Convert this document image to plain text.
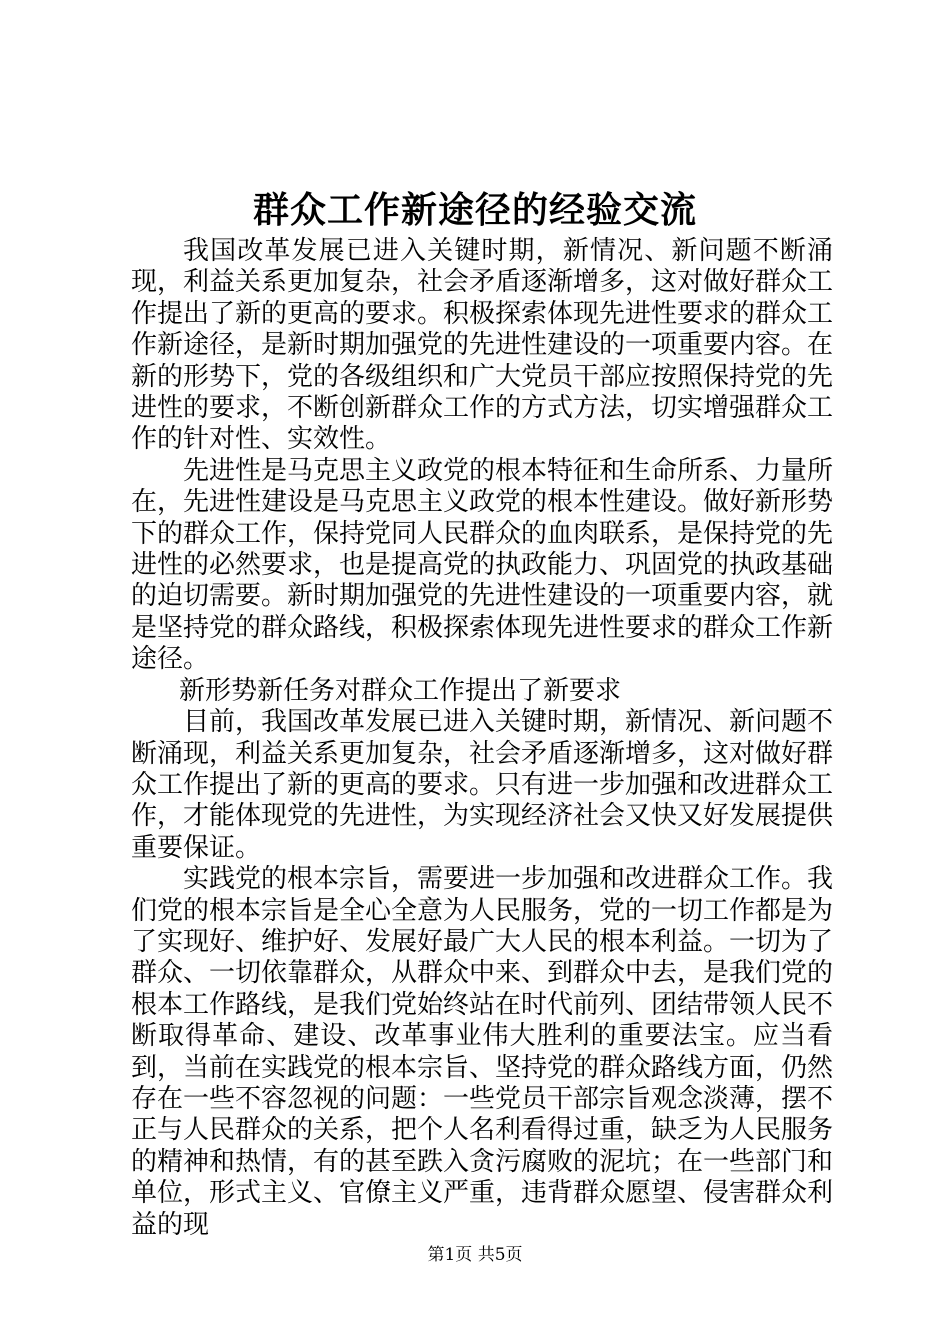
群众工作新途径的经验交流

我国改革发展已进入关键时期，新情况、新问题不断涌现，利益关系更加复杂，社会矛盾逐渐增多，这对做好群众工作提出了新的更高的要求。积极探索体现先进性要求的群众工作新途径，是新时期加强党的先进性建设的一项重要内容。在新的形势下，党的各级组织和广大党员干部应按照保持党的先进性的要求，不断创新群众工作的方式方法，切实增强群众工作的针对性、实效性。

先进性是马克思主义政党的根本特征和生命所系、力量所在，先进性建设是马克思主义政党的根本性建设。做好新形势下的群众工作，保持党同人民群众的血肉联系，是保持党的先进性的必然要求，也是提高党的执政能力、巩固党的执政基础的迫切需要。新时期加强党的先进性建设的一项重要内容，就是坚持党的群众路线，积极探索体现先进性要求的群众工作新途径。

新形势新任务对群众工作提出了新要求

目前，我国改革发展已进入关键时期，新情况、新问题不断涌现，利益关系更加复杂，社会矛盾逐渐增多，这对做好群众工作提出了新的更高的要求。只有进一步加强和改进群众工作，才能体现党的先进性，为实现经济社会又快又好发展提供重要保证。

实践党的根本宗旨，需要进一步加强和改进群众工作。我们党的根本宗旨是全心全意为人民服务，党的一切工作都是为了实现好、维护好、发展好最广大人民的根本利益。一切为了群众、一切依靠群众，从群众中来、到群众中去，是我们党的根本工作路线，是我们党始终站在时代前列、团结带领人民不断取得革命、建设、改革事业伟大胜利的重要法宝。应当看到，当前在实践党的根本宗旨、坚持党的群众路线方面，仍然存在一些不容忽视的问题：一些党员干部宗旨观念淡薄，摆不正与人民群众的关系，把个人名利看得过重，缺乏为人民服务的精神和热情，有的甚至跌入贪污腐败的泥坑；在一些部门和单位，形式主义、官僚主义严重，违背群众愿望、侵害群众利益的现

第1页 共5页
